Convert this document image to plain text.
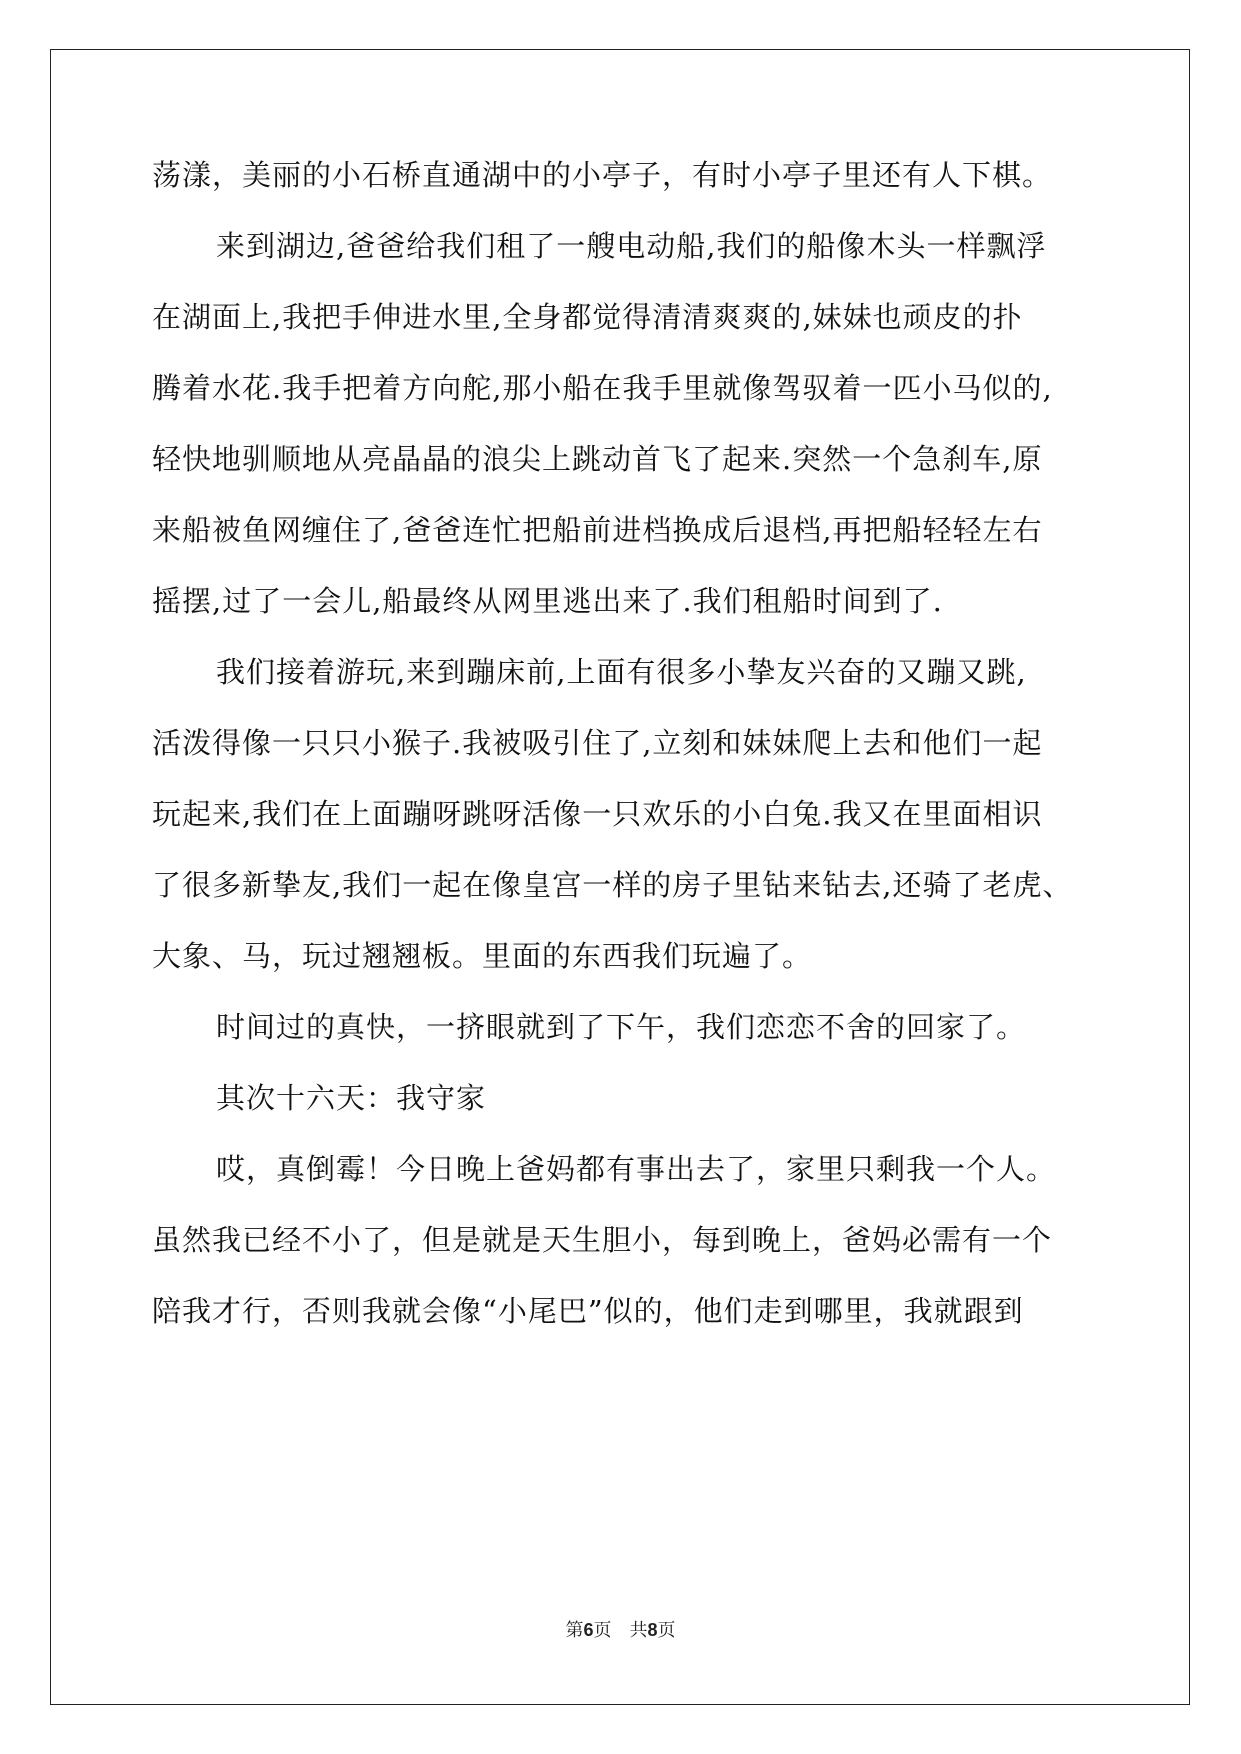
荡漾，美丽的小石桥直通湖中的小亭子，有时小亭子里还有人下棋。
来到湖边,爸爸给我们租了一艘电动船,我们的船像木头一样飘浮
在湖面上,我把手伸进水里,全身都觉得清清爽爽的,妹妹也顽皮的扑
腾着水花.我手把着方向舵,那小船在我手里就像驾驭着一匹小马似的,
轻快地驯顺地从亮晶晶的浪尖上跳动首飞了起来.突然一个急刹车,原
来船被鱼网缠住了,爸爸连忙把船前进档换成后退档,再把船轻轻左右
摇摆,过了一会儿,船最终从网里逃出来了.我们租船时间到了.
我们接着游玩,来到蹦床前,上面有很多小挚友兴奋的又蹦又跳,
活泼得像一只只小猴子.我被吸引住了,立刻和妹妹爬上去和他们一起
玩起来,我们在上面蹦呀跳呀活像一只欢乐的小白兔.我又在里面相识
了很多新挚友,我们一起在像皇宫一样的房子里钻来钻去,还骑了老虎、
大象、马，玩过翘翘板。里面的东西我们玩遍了。
时间过的真快，一挤眼就到了下午，我们恋恋不舍的回家了。
其次十六天：我守家
哎，真倒霉！今日晚上爸妈都有事出去了，家里只剩我一个人。
虽然我已经不小了，但是就是天生胆小，每到晚上，爸妈必需有一个
陪我才行，否则我就会像“小尾巴”似的，他们走到哪里，我就跟到
第6页　共8页
